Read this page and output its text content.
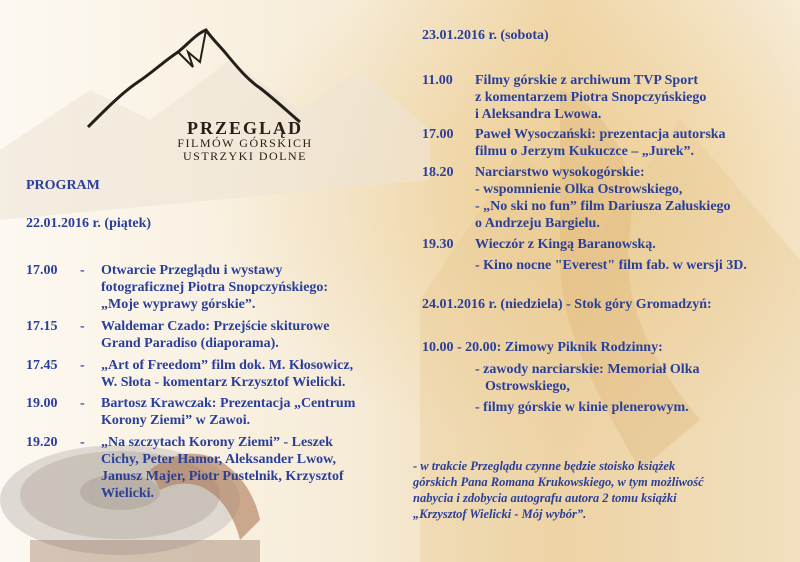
PRZEGLĄD
FILMÓW GÓRSKICH
USTRZYKI DOLNE
PROGRAM
22.01.2016 r. (piątek)
17.00 - Otwarcie Przeglądu i wystawy
fotograficznej Piotra Snopczyńskiego:
„Moje wyprawy górskie”.
17.15 - Waldemar Czado: Przejście skiturowe
Grand Paradiso (diaporama).
17.45 - „Art of Freedom” film dok. M. Kłosowicz,
W. Słota - komentarz Krzysztof Wielicki.
19.00 - Bartosz Krawczak: Prezentacja „Centrum
Korony Ziemi” w Zawoi.
19.20 - „Na szczytach Korony Ziemi” - Leszek
Cichy, Peter Hamor, Aleksander Lwow,
Janusz Majer, Piotr Pustelnik, Krzysztof
Wielicki.
23.01.2016 r. (sobota)
11.00 Filmy górskie z archiwum TVP Sport
z komentarzem Piotra Snopczyńskiego
i Aleksandra Lwowa.
17.00 Paweł Wysoczański: prezentacja autorska
filmu o Jerzym Kukuczce – „Jurek”.
18.20 Narciarstwo wysokogórskie:
- wspomnienie Olka Ostrowskiego,
- „No ski no fun” film Dariusza Załuskiego
o Andrzeju Bargielu.
19.30 Wieczór z Kingą Baranowską.
- Kino nocne "Everest" film fab. w wersji 3D.
24.01.2016 r. (niedziela) - Stok góry Gromadzyń:
10.00 - 20.00: Zimowy Piknik Rodzinny:
- zawody narciarskie: Memoriał Olka
Ostrowskiego,
- filmy górskie w kinie plenerowym.
- w trakcie Przeglądu czynne będzie stoisko książek
górskich Pana Romana Krukowskiego, w tym możliwość
nabycia i zdobycia autografu autora 2 tomu książki
„Krzysztof Wielicki - Mój wybór”.
